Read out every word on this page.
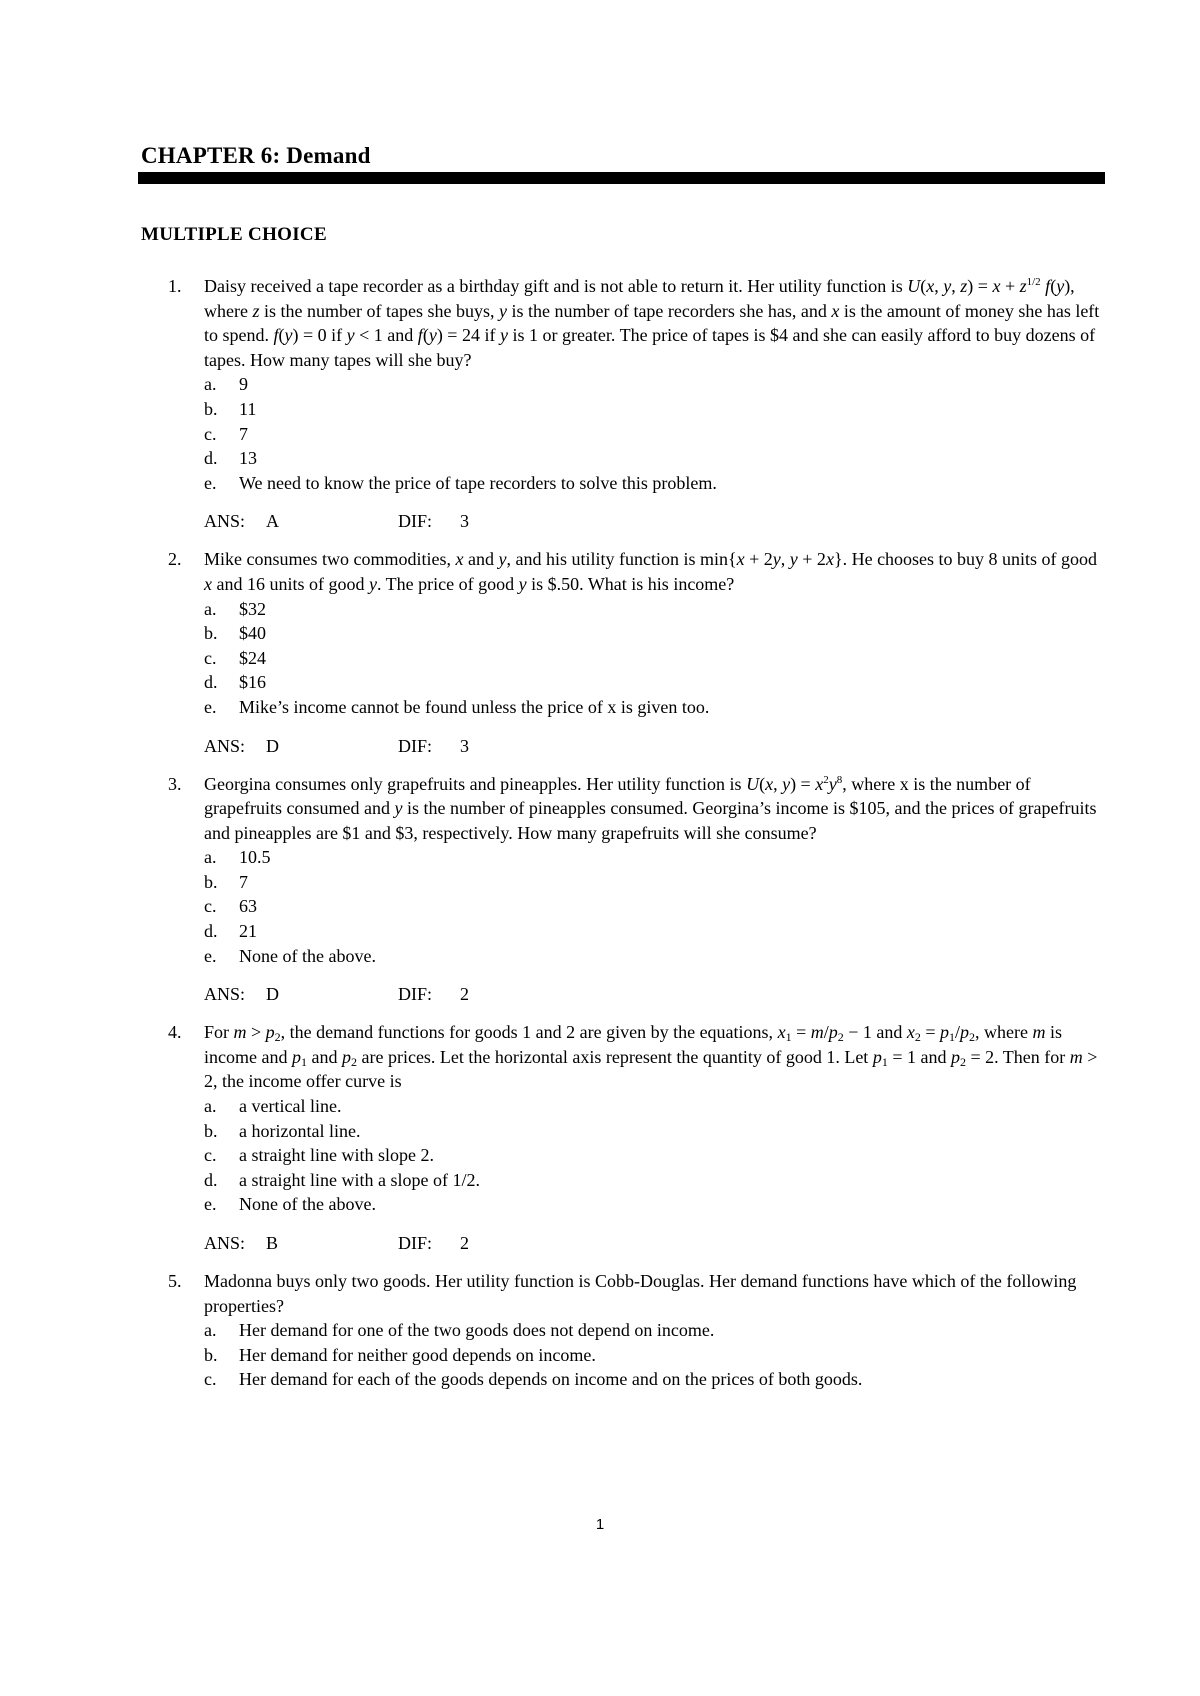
CHAPTER 6: Demand
MULTIPLE CHOICE
1. Daisy received a tape recorder as a birthday gift and is not able to return it. Her utility function is U(x, y, $z) = x + z^{1/2}$ f(y), where z is the number of tapes she buys, y is the number of tape recorders she has, and x is the amount of money she has left to spend. f(y) = 0 if y < 1 and f(y) = 24 if y is 1 or greater. The price of tapes is $4 and she can easily afford to buy dozens of tapes. How many tapes will she buy?
a. 9
b. 11
c. 7
d. 13
e. We need to know the price of tape recorders to solve this problem.
ANS: A	DIF: 3
2. Mike consumes two commodities, x and y, and his utility function is min{x + 2y, y + 2x}. He chooses to buy 8 units of good x and 16 units of good y. The price of good y is $.50. What is his income?
a. $32
b. $40
c. $24
d. $16
e. Mike’s income cannot be found unless the price of x is given too.
ANS: D	DIF: 3
3. Georgina consumes only grapefruits and pineapples. Her utility function is U(x, $y) = x^2y^8$, where x is the number of grapefruits consumed and y is the number of pineapples consumed. Georgina’s income is $105, and the prices of grapefruits and pineapples are $1 and $3, respectively. How many grapefruits will she consume?
a. 10.5
b. 7
c. 63
d. 21
e. None of the above.
ANS: D	DIF: 2
4. For $m > p_2$, the demand functions for goods 1 and 2 are given by the equations, $x_1 = m/p_2 - 1$ and $x_2 = p_1/p_2$, where m is income and $p_1$ and $p_2$ are prices. Let the horizontal axis represent the quantity of good 1. Let $p_1 = 1$ and $p_2 = 2$. Then for m > 2, the income offer curve is
a. a vertical line.
b. a horizontal line.
c. a straight line with slope 2.
d. a straight line with a slope of 1/2.
e. None of the above.
ANS: B	DIF: 2
5. Madonna buys only two goods. Her utility function is Cobb-Douglas. Her demand functions have which of the following properties?
a. Her demand for one of the two goods does not depend on income.
b. Her demand for neither good depends on income.
c. Her demand for each of the goods depends on income and on the prices of both goods.
1
